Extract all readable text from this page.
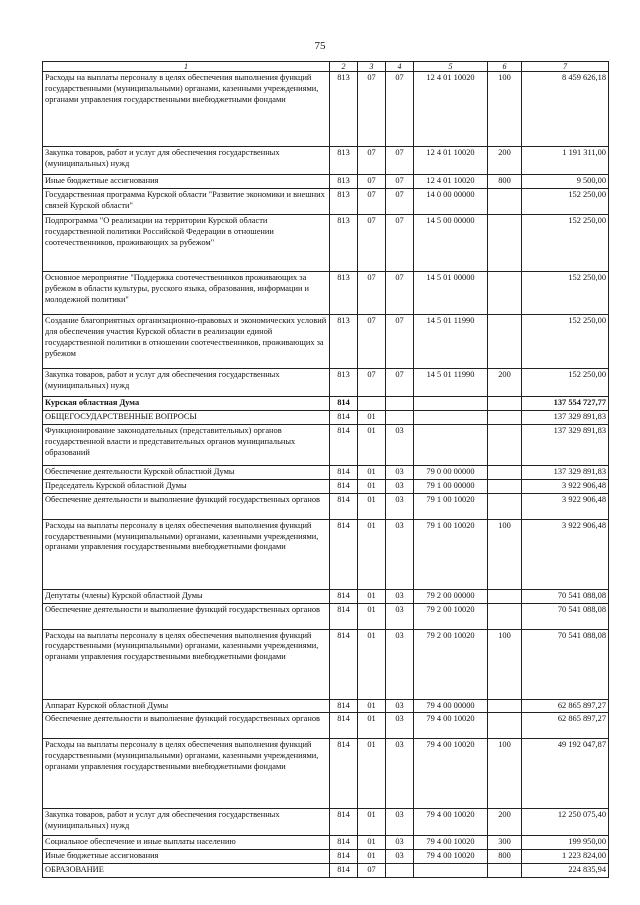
75
1	2	3	4	5	6	7
Расходы на выплаты персоналу в целях обеспечения выполнения функций государственными (муниципальными) органами, казенными учреждениями, органами управления государственными внебюджетными фондами	813	07	07	12 4 01 10020	100	8 459 626,18
Закупка товаров, работ и услуг для обеспечения государственных (муниципальных) нужд	813	07	07	12 4 01 10020	200	1 191 311,00
Иные бюджетные ассигнования	813	07	07	12 4 01 10020	800	9 500,00
Государственная программа Курской области "Развитие экономики и внешних связей Курской области"	813	07	07	14 0 00 00000		152 250,00
Подпрограмма "О реализации на территории Курской области государственной политики Российской Федерации в отношении соотечественников, проживающих за рубежом"	813	07	07	14 5 00 00000		152 250,00
Основное мероприятие "Поддержка соотечественников проживающих за рубежом в области культуры, русского языка, образования, информации и молодежной политики"	813	07	07	14 5 01 00000		152 250,00
Создание благоприятных организационно-правовых и экономических условий для обеспечения участия Курской области в реализации единой государственной политики в отношении соотечественников, проживающих за рубежом	813	07	07	14 5 01 11990		152 250,00
Закупка товаров, работ и услуг для обеспечения государственных (муниципальных) нужд	813	07	07	14 5 01 11990	200	152 250,00
Курская областная Дума	814					137 554 727,77
ОБЩЕГОСУДАРСТВЕННЫЕ ВОПРОСЫ	814	01				137 329 891,83
Функционирование законодательных (представительных) органов государственной власти и представительных органов муниципальных образований	814	01	03			137 329 891,83
Обеспечение деятельности Курской областной Думы	814	01	03	79 0 00 00000		137 329 891,83
Председатель Курской областной Думы	814	01	03	79 1 00 00000		3 922 906,48
Обеспечение деятельности и выполнение функций государственных органов	814	01	03	79 1 00 10020		3 922 906,48
Расходы на выплаты персоналу в целях обеспечения выполнения функций государственными (муниципальными) органами, казенными учреждениями, органами управления государственными внебюджетными фондами	814	01	03	79 1 00 10020	100	3 922 906,48
Депутаты (члены) Курской областной Думы	814	01	03	79 2 00 00000		70 541 088,08
Обеспечение деятельности и выполнение функций государственных органов	814	01	03	79 2 00 10020		70 541 088,08
Расходы на выплаты персоналу в целях обеспечения выполнения функций государственными (муниципальными) органами, казенными учреждениями, органами управления государственными внебюджетными фондами	814	01	03	79 2 00 10020	100	70 541 088,08
Аппарат Курской областной Думы	814	01	03	79 4 00 00000		62 865 897,27
Обеспечение деятельности и выполнение функций государственных органов	814	01	03	79 4 00 10020		62 865 897,27
Расходы на выплаты персоналу в целях обеспечения выполнения функций государственными (муниципальными) органами, казенными учреждениями, органами управления государственными внебюджетными фондами	814	01	03	79 4 00 10020	100	49 192 047,87
Закупка товаров, работ и услуг для обеспечения государственных (муниципальных) нужд	814	01	03	79 4 00 10020	200	12 250 075,40
Социальное обеспечение и иные выплаты населению	814	01	03	79 4 00 10020	300	199 950,00
Иные бюджетные ассигнования	814	01	03	79 4 00 10020	800	1 223 824,00
ОБРАЗОВАНИЕ	814	07				224 835,94
